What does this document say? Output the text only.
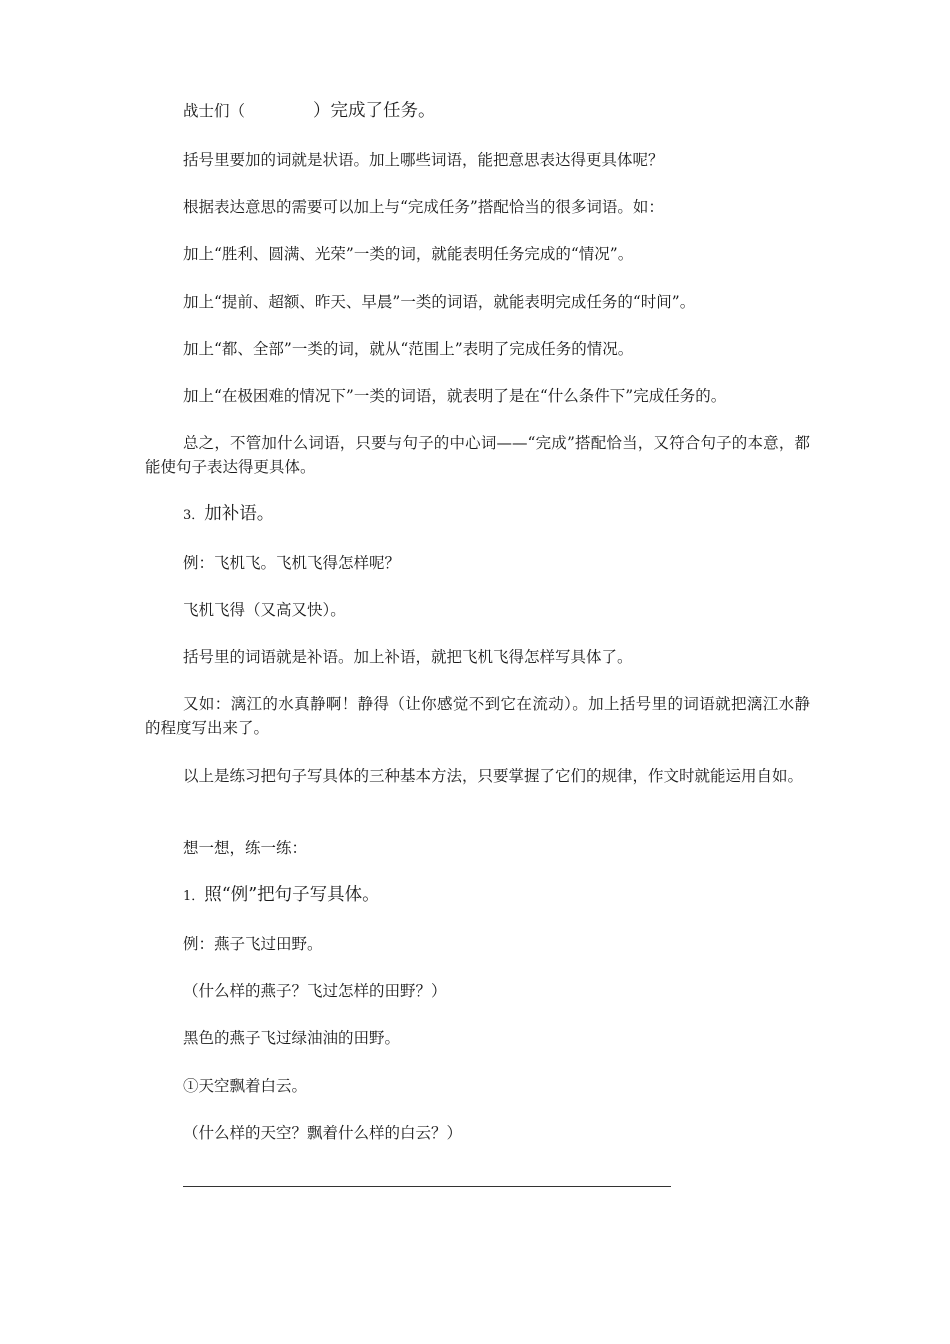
战士们（	）完成了任务。

括号里要加的词就是状语。加上哪些词语，能把意思表达得更具体呢？

根据表达意思的需要可以加上与“完成任务”搭配恰当的很多词语。如：

加上“胜利、圆满、光荣”一类的词，就能表明任务完成的“情况”。

加上“提前、超额、昨天、早晨”一类的词语，就能表明完成任务的“时间”。

加上“都、全部”一类的词，就从“范围上”表明了完成任务的情况。

加上“在极困难的情况下”一类的词语，就表明了是在“什么条件下”完成任务的。

总之，不管加什么词语，只要与句子的中心词——“完成”搭配恰当，又符合句子的本意，都能使句子表达得更具体。

3．加补语。

例：飞机飞。飞机飞得怎样呢？

飞机飞得（又高又快）。

括号里的词语就是补语。加上补语，就把飞机飞得怎样写具体了。

又如：漓江的水真静啊！静得（让你感觉不到它在流动）。加上括号里的词语就把漓江水静的程度写出来了。

以上是练习把句子写具体的三种基本方法，只要掌握了它们的规律，作文时就能运用自如。

想一想，练一练：

1．照“例”把句子写具体。

例：燕子飞过田野。

（什么样的燕子？飞过怎样的田野？）

黑色的燕子飞过绿油油的田野。

①天空飘着白云。

（什么样的天空？飘着什么样的白云？）
